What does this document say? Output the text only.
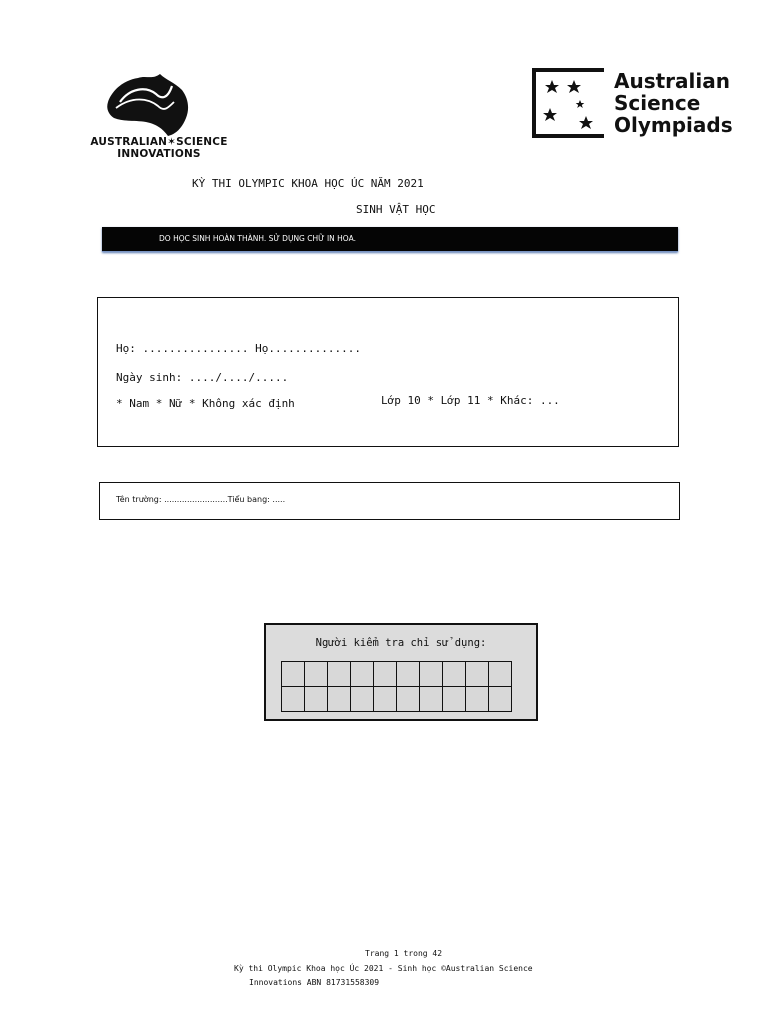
AUSTRALIAN✶SCIENCE
INNOVATIONS
Australian
Science
Olympiads
KỲ THI OLYMPIC KHOA HỌC ÚC NĂM 2021
SINH VẬT HỌC
DO HỌC SINH HOÀN THÀNH. SỬ DỤNG CHỮ IN HOA.
Họ: ................ Họ..............
Ngày sinh: ..../..../.....
* Nam * Nữ * Không xác định	Lớp 10 * Lớp 11 * Khác: ...
Tên trường: .........................Tiểu bang: .....
Người kiểm tra chỉ sử dụng:

Trang 1 trong 42
Kỳ thi Olympic Khoa học Úc 2021 - Sinh học ©Australian Science
Innovations ABN 81731558309
